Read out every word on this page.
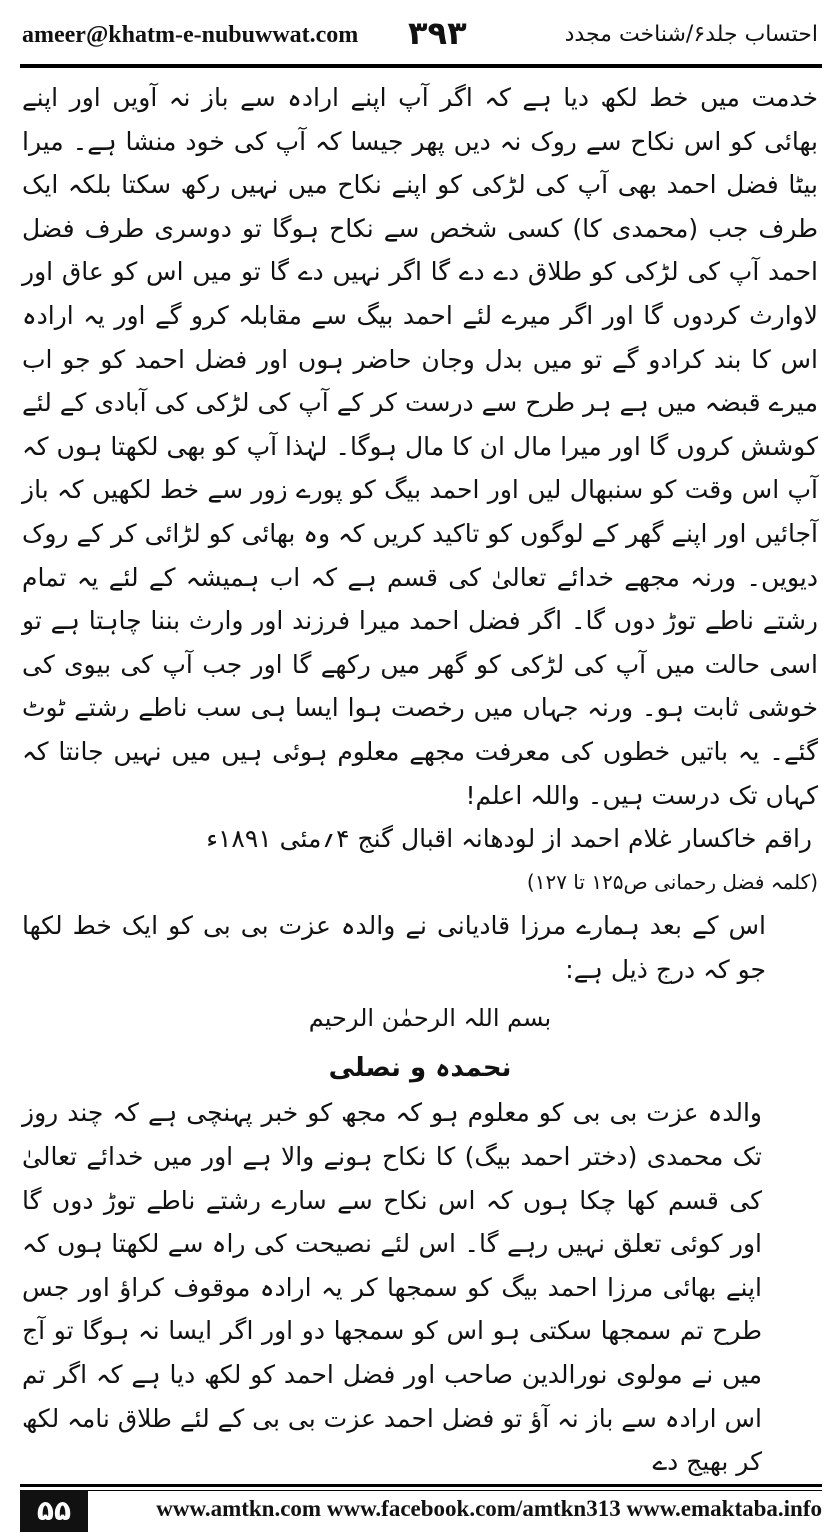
ameer@khatm-e-nubuwwat.com ۳۹۳	احتساب جلد۶/شناخت مجدد

خدمت میں خط لکھ دیا ہے کہ اگر آپ اپنے ارادہ سے باز نہ آویں اور اپنے بھائی کو اس نکاح سے روک نہ دیں پھر جیسا کہ آپ کی خود منشا ہے۔ میرا بیٹا فضل احمد بھی آپ کی لڑکی کو اپنے نکاح میں نہیں رکھ سکتا بلکہ ایک طرف جب (محمدی کا) کسی شخص سے نکاح ہوگا تو دوسری طرف فضل احمد آپ کی لڑکی کو طلاق دے دے گا اگر نہیں دے گا تو میں اس کو عاق اور لاوارث کردوں گا اور اگر میرے لئے احمد بیگ سے مقابلہ کرو گے اور یہ ارادہ اس کا بند کرادو گے تو میں بدل وجان حاضر ہوں اور فضل احمد کو جو اب میرے قبضہ میں ہے ہر طرح سے درست کر کے آپ کی لڑکی کی آبادی کے لئے کوشش کروں گا اور میرا مال ان کا مال ہوگا۔ لہٰذا آپ کو بھی لکھتا ہوں کہ آپ اس وقت کو سنبھال لیں اور احمد بیگ کو پورے زور سے خط لکھیں کہ باز آجائیں اور اپنے گھر کے لوگوں کو تاکید کریں کہ وہ بھائی کو لڑائی کر کے روک دیویں۔ ورنہ مجھے خدائے تعالیٰ کی قسم ہے کہ اب ہمیشہ کے لئے یہ تمام رشتے ناطے توڑ دوں گا۔ اگر فضل احمد میرا فرزند اور وارث بننا چاہتا ہے تو اسی حالت میں آپ کی لڑکی کو گھر میں رکھے گا اور جب آپ کی بیوی کی خوشی ثابت ہو۔ ورنہ جہاں میں رخصت ہوا ایسا ہی سب ناطے رشتے ٹوٹ گئے۔ یہ باتیں خطوں کی معرفت مجھے معلوم ہوئی ہیں میں نہیں جانتا کہ کہاں تک درست ہیں۔ واللہ اعلم!

راقم خاکسار غلام احمد از لودھانہ اقبال گنج ۴؍مئی ۱۸۹۱ء

(کلمہ فضل رحمانی ص۱۲۵ تا ۱۲۷)

اس کے بعد ہمارے مرزا قادیانی نے والدہ عزت بی بی کو ایک خط لکھا جو کہ درج ذیل ہے:

بسم اللہ الرحمٰن الرحیم

نحمدہ و نصلی

والدہ عزت بی بی کو معلوم ہو کہ مجھ کو خبر پہنچی ہے کہ چند روز تک محمدی (دختر احمد بیگ) کا نکاح ہونے والا ہے اور میں خدائے تعالیٰ کی قسم کھا چکا ہوں کہ اس نکاح سے سارے رشتے ناطے توڑ دوں گا اور کوئی تعلق نہیں رہے گا۔ اس لئے نصیحت کی راہ سے لکھتا ہوں کہ اپنے بھائی مرزا احمد بیگ کو سمجھا کر یہ ارادہ موقوف کراؤ اور جس طرح تم سمجھا سکتی ہو اس کو سمجھا دو اور اگر ایسا نہ ہوگا تو آج میں نے مولوی نورالدین صاحب اور فضل احمد کو لکھ دیا ہے کہ اگر تم اس ارادہ سے باز نہ آؤ تو فضل احمد عزت بی بی کے لئے طلاق نامہ لکھ کر بھیج دے

۵۵	www.amtkn.com www.facebook.com/amtkn313 www.emaktaba.info
